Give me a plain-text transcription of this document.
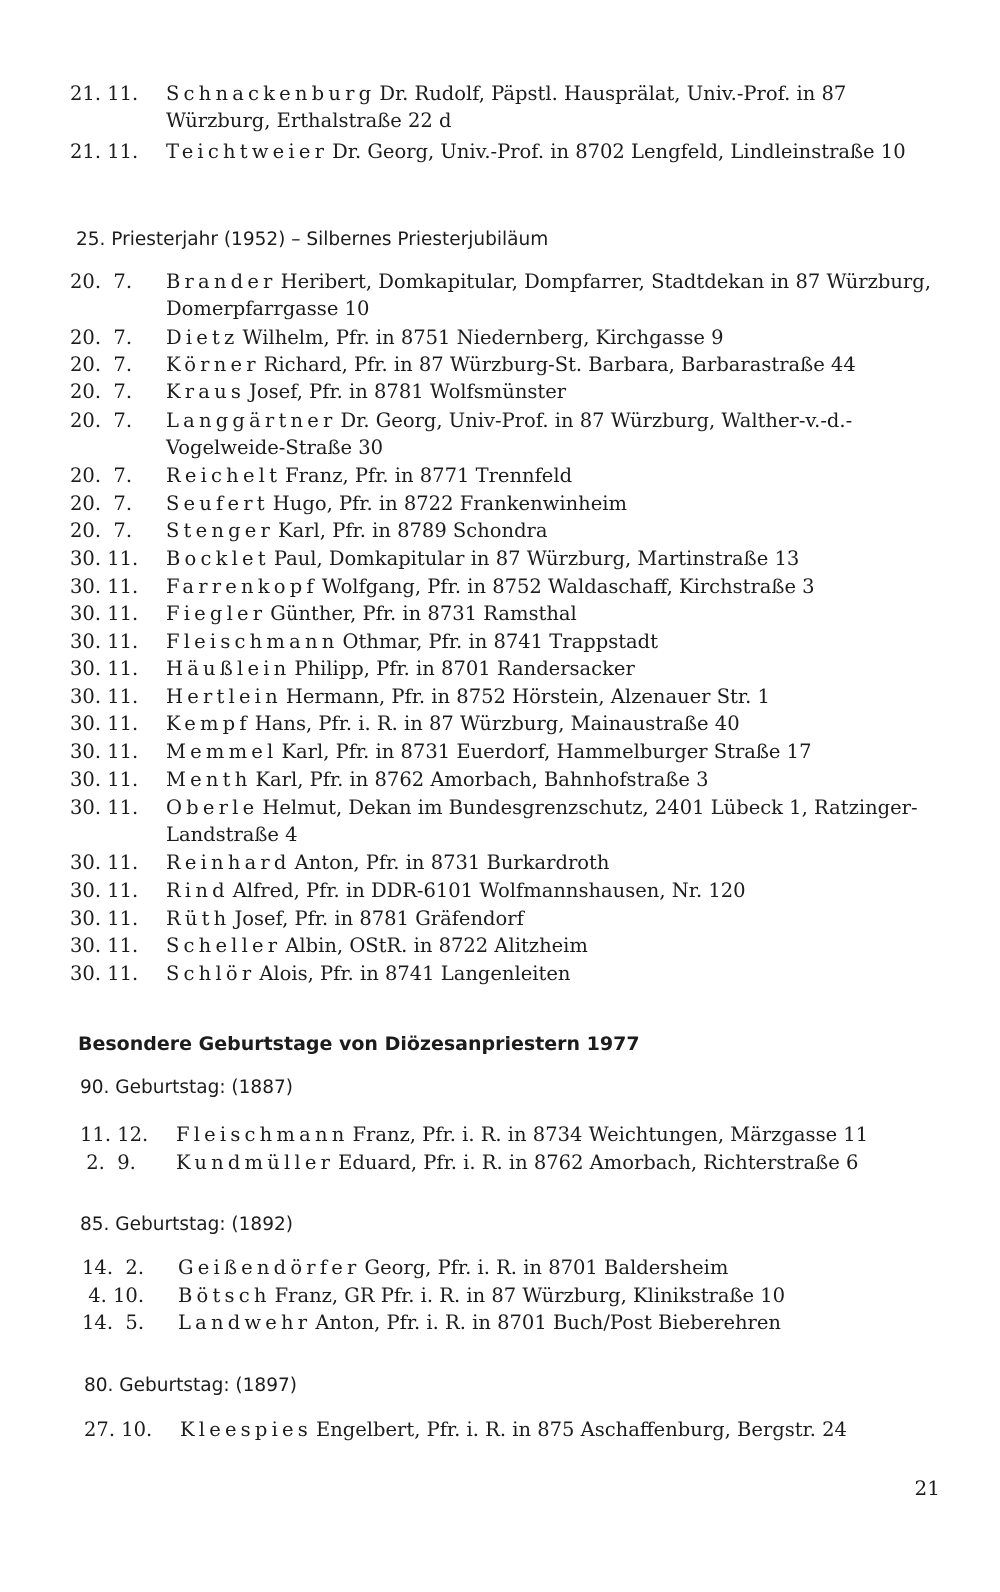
21. 11.	Schnackenburg Dr. Rudolf, Päpstl. Hausprälat, Univ.-Prof. in 87 Würzburg, Erthalstraße 22 d
21. 11.	Teichtweier Dr. Georg, Univ.-Prof. in 8702 Lengfeld, Lindleinstraße 10
25. Priesterjahr (1952) – Silbernes Priesterjubiläum
20.  7.	Brander Heribert, Domkapitular, Dompfarrer, Stadtdekan in 87 Würzburg, Domerpfarrgasse 10
20.  7.	Dietz Wilhelm, Pfr. in 8751 Niedernberg, Kirchgasse 9
20.  7.	Körner Richard, Pfr. in 87 Würzburg-St. Barbara, Barbarastraße 44
20.  7.	Kraus Josef, Pfr. in 8781 Wolfsmünster
20.  7.	Langgärtner Dr. Georg, Univ-Prof. in 87 Würzburg, Walther-v.-d.-Vogelweide-Straße 30
20.  7.	Reichelt Franz, Pfr. in 8771 Trennfeld
20.  7.	Seufert Hugo, Pfr. in 8722 Frankenwinheim
20.  7.	Stenger Karl, Pfr. in 8789 Schondra
30. 11.	Bocklet Paul, Domkapitular in 87 Würzburg, Martinstraße 13
30. 11.	Farrenkopf Wolfgang, Pfr. in 8752 Waldaschaff, Kirchstraße 3
30. 11.	Fiegler Günther, Pfr. in 8731 Ramsthal
30. 11.	Fleischmann Othmar, Pfr. in 8741 Trappstadt
30. 11.	Häußlein Philipp, Pfr. in 8701 Randersacker
30. 11.	Hertlein Hermann, Pfr. in 8752 Hörstein, Alzenauer Str. 1
30. 11.	Kempf Hans, Pfr. i. R. in 87 Würzburg, Mainaustraße 40
30. 11.	Memmel Karl, Pfr. in 8731 Euerdorf, Hammelburger Straße 17
30. 11.	Menth Karl, Pfr. in 8762 Amorbach, Bahnhofstraße 3
30. 11.	Oberle Helmut, Dekan im Bundesgrenzschutz, 2401 Lübeck 1, Ratzinger-Landstraße 4
30. 11.	Reinhard Anton, Pfr. in 8731 Burkardroth
30. 11.	Rind Alfred, Pfr. in DDR-6101 Wolfmannshausen, Nr. 120
30. 11.	Rüth Josef, Pfr. in 8781 Gräfendorf
30. 11.	Scheller Albin, OStR. in 8722 Alitzheim
30. 11.	Schlör Alois, Pfr. in 8741 Langenleiten
Besondere Geburtstage von Diözesanpriestern 1977
90. Geburtstag: (1887)
11. 12.	Fleischmann Franz, Pfr. i. R. in 8734 Weichtungen, Märzgasse 11
2.  9.	Kundmüller Eduard, Pfr. i. R. in 8762 Amorbach, Richterstraße 6
85. Geburtstag: (1892)
14.  2.	Geißendörfer Georg, Pfr. i. R. in 8701 Baldersheim
4. 10.	Bötsch Franz, GR Pfr. i. R. in 87 Würzburg, Klinikstraße 10
14.  5.	Landwehr Anton, Pfr. i. R. in 8701 Buch/Post Bieberehren
80. Geburtstag: (1897)
27. 10.	Kleespies Engelbert, Pfr. i. R. in 875 Aschaffenburg, Bergstr. 24
21
